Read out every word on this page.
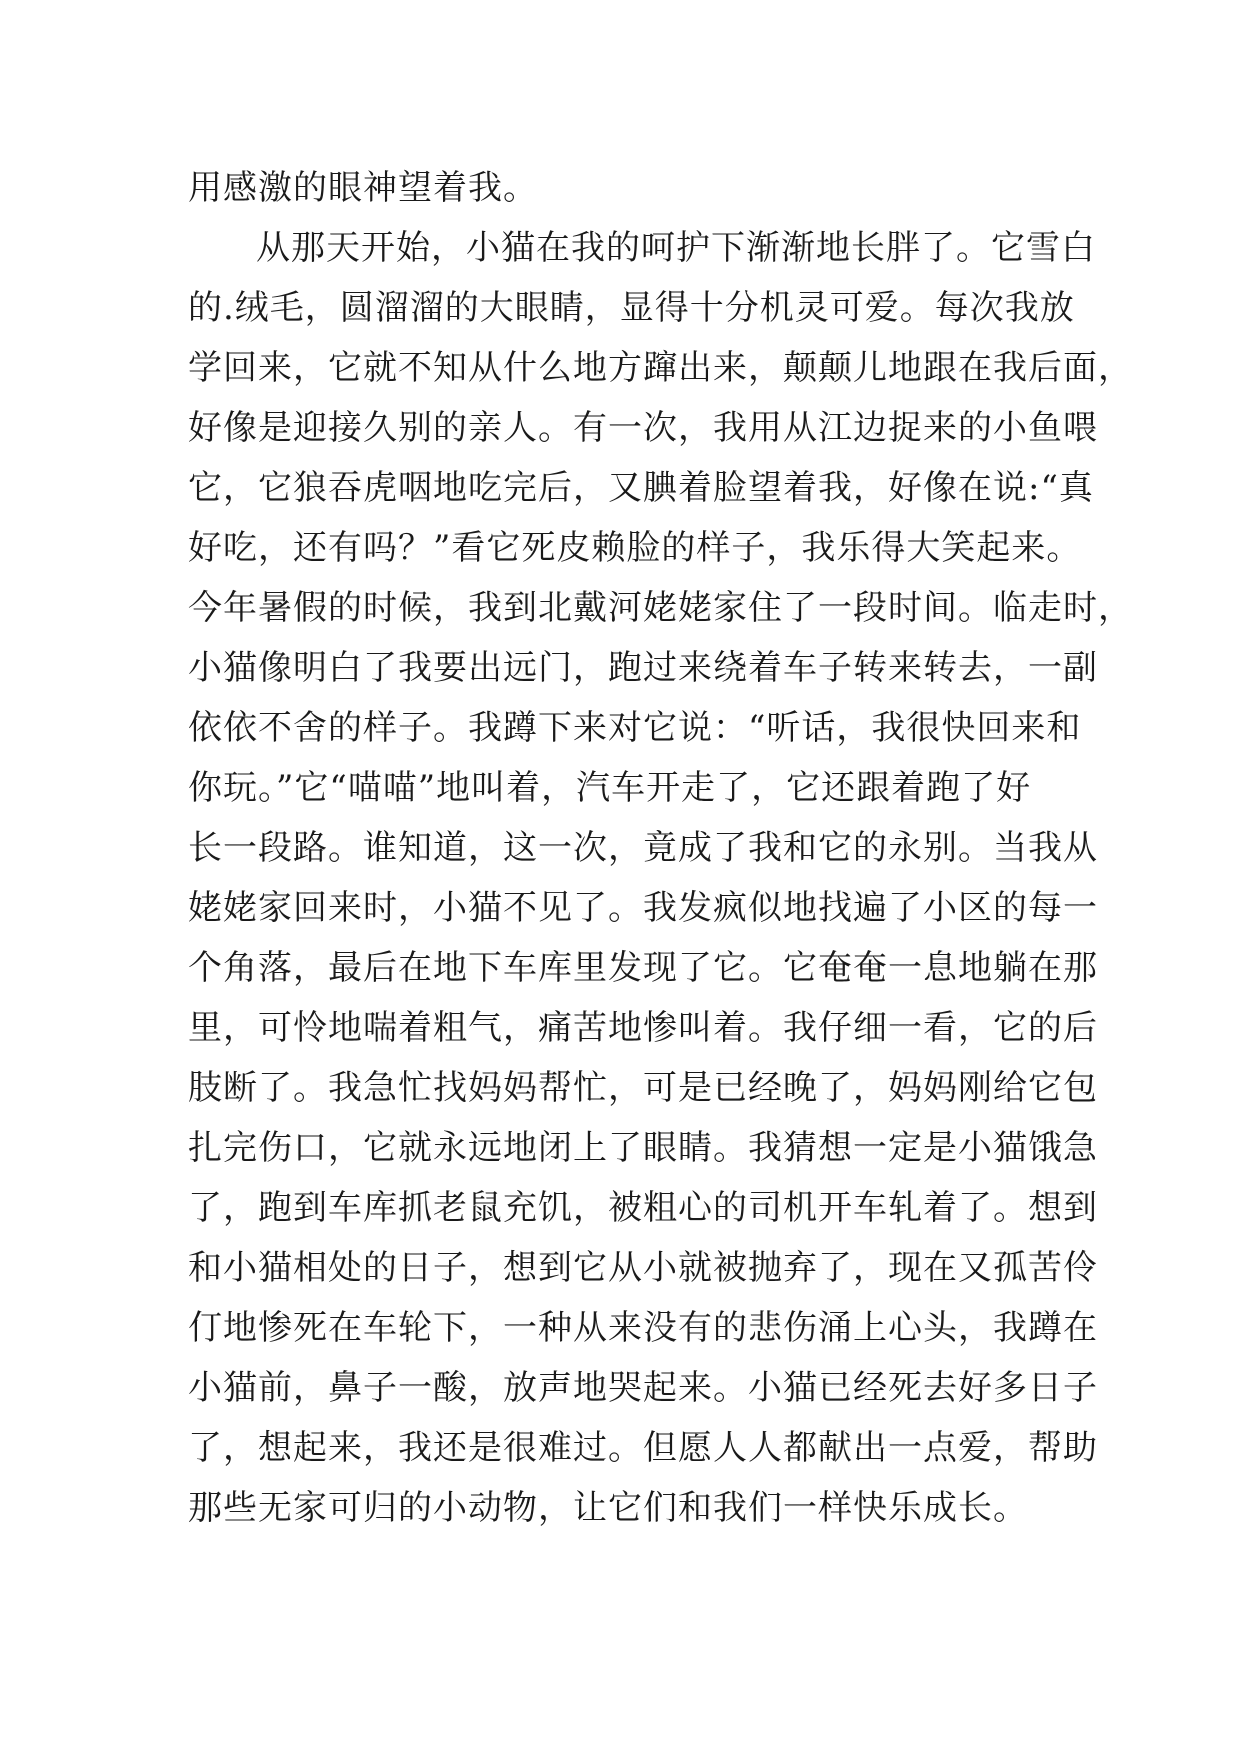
用感激的眼神望着我。
从那天开始，小猫在我的呵护下渐渐地长胖了。它雪白
的.绒毛，圆溜溜的大眼睛，显得十分机灵可爱。每次我放
学回来，它就不知从什么地方蹿出来，颠颠儿地跟在我后面，
好像是迎接久别的亲人。有一次，我用从江边捉来的小鱼喂
它，它狼吞虎咽地吃完后，又腆着脸望着我，好像在说:“真
好吃，还有吗？”看它死皮赖脸的样子，我乐得大笑起来。
今年暑假的时候，我到北戴河姥姥家住了一段时间。临走时，
小猫像明白了我要出远门，跑过来绕着车子转来转去，一副
依依不舍的样子。我蹲下来对它说：“听话，我很快回来和
你玩。”它“喵喵”地叫着，汽车开走了，它还跟着跑了好
长一段路。谁知道，这一次，竟成了我和它的永别。当我从
姥姥家回来时，小猫不见了。我发疯似地找遍了小区的每一
个角落，最后在地下车库里发现了它。它奄奄一息地躺在那
里，可怜地喘着粗气，痛苦地惨叫着。我仔细一看，它的后
肢断了。我急忙找妈妈帮忙，可是已经晚了，妈妈刚给它包
扎完伤口，它就永远地闭上了眼睛。我猜想一定是小猫饿急
了，跑到车库抓老鼠充饥，被粗心的司机开车轧着了。想到
和小猫相处的日子，想到它从小就被抛弃了，现在又孤苦伶
仃地惨死在车轮下，一种从来没有的悲伤涌上心头，我蹲在
小猫前，鼻子一酸，放声地哭起来。小猫已经死去好多日子
了，想起来，我还是很难过。但愿人人都献出一点爱，帮助
那些无家可归的小动物，让它们和我们一样快乐成长。
